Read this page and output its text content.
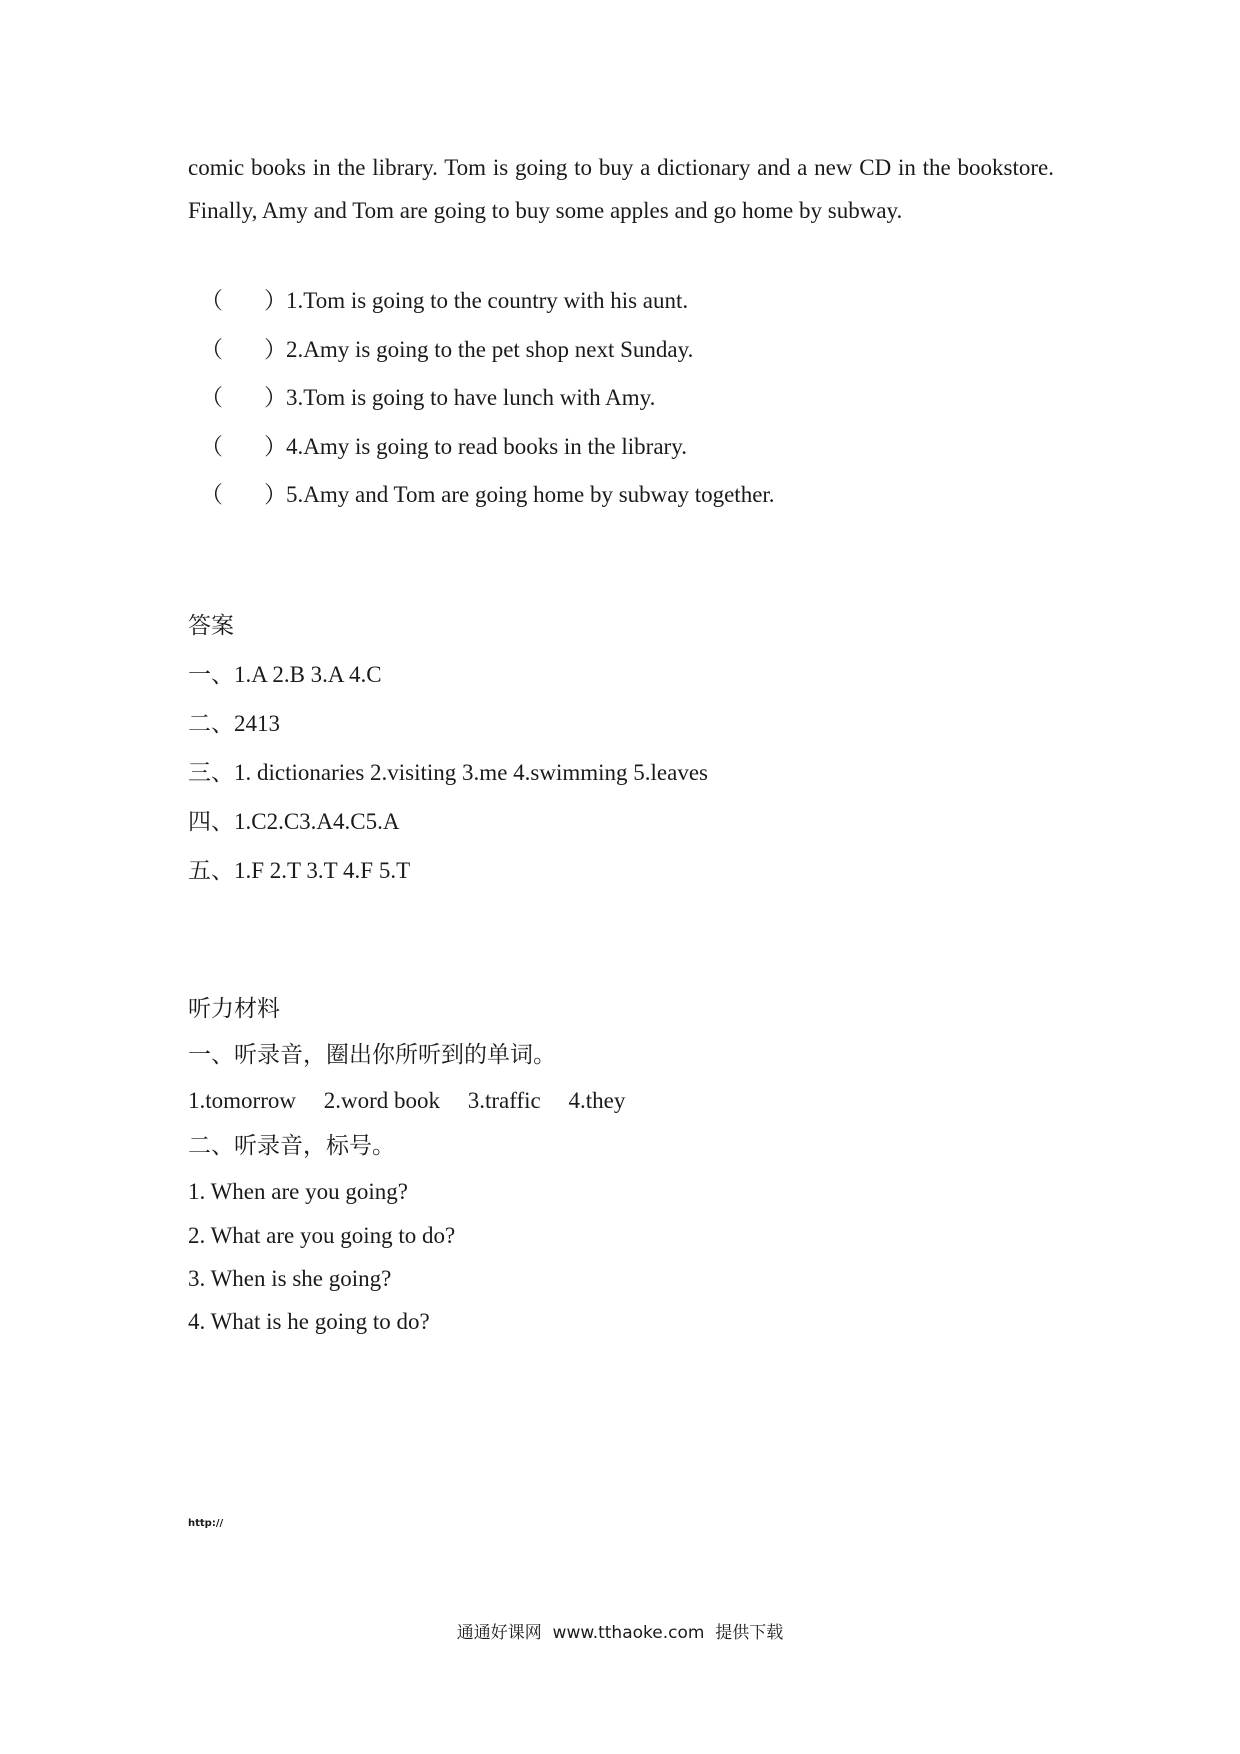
comic books in the library. Tom is going to buy a dictionary and a new CD in the bookstore. Finally, Amy and Tom are going to buy some apples and go home by subway.

（ ） 1.Tom is going to the country with his aunt.
（ ） 2.Amy is going to the pet shop next Sunday.
（ ） 3.Tom is going to have lunch with Amy.
（ ） 4.Amy is going to read books in the library.
（ ） 5.Amy and Tom are going home by subway together.
答案

一、1.A 2.B 3.A 4.C

二、2413

三、1. dictionaries 2.visiting 3.me 4.swimming 5.leaves

四、1.C2.C3.A4.C5.A

五、1.F 2.T 3.T 4.F 5.T

听力材料

一、听录音，圈出你所听到的单词。

1.tomorrow 2.word book 3.traffic 4.they

二、听录音，标号。

1. When are you going?

2. What are you going to do?

3. When is she going?

4. What is he going to do?

http://
通通好课网  www.tthaoke.com  提供下载
